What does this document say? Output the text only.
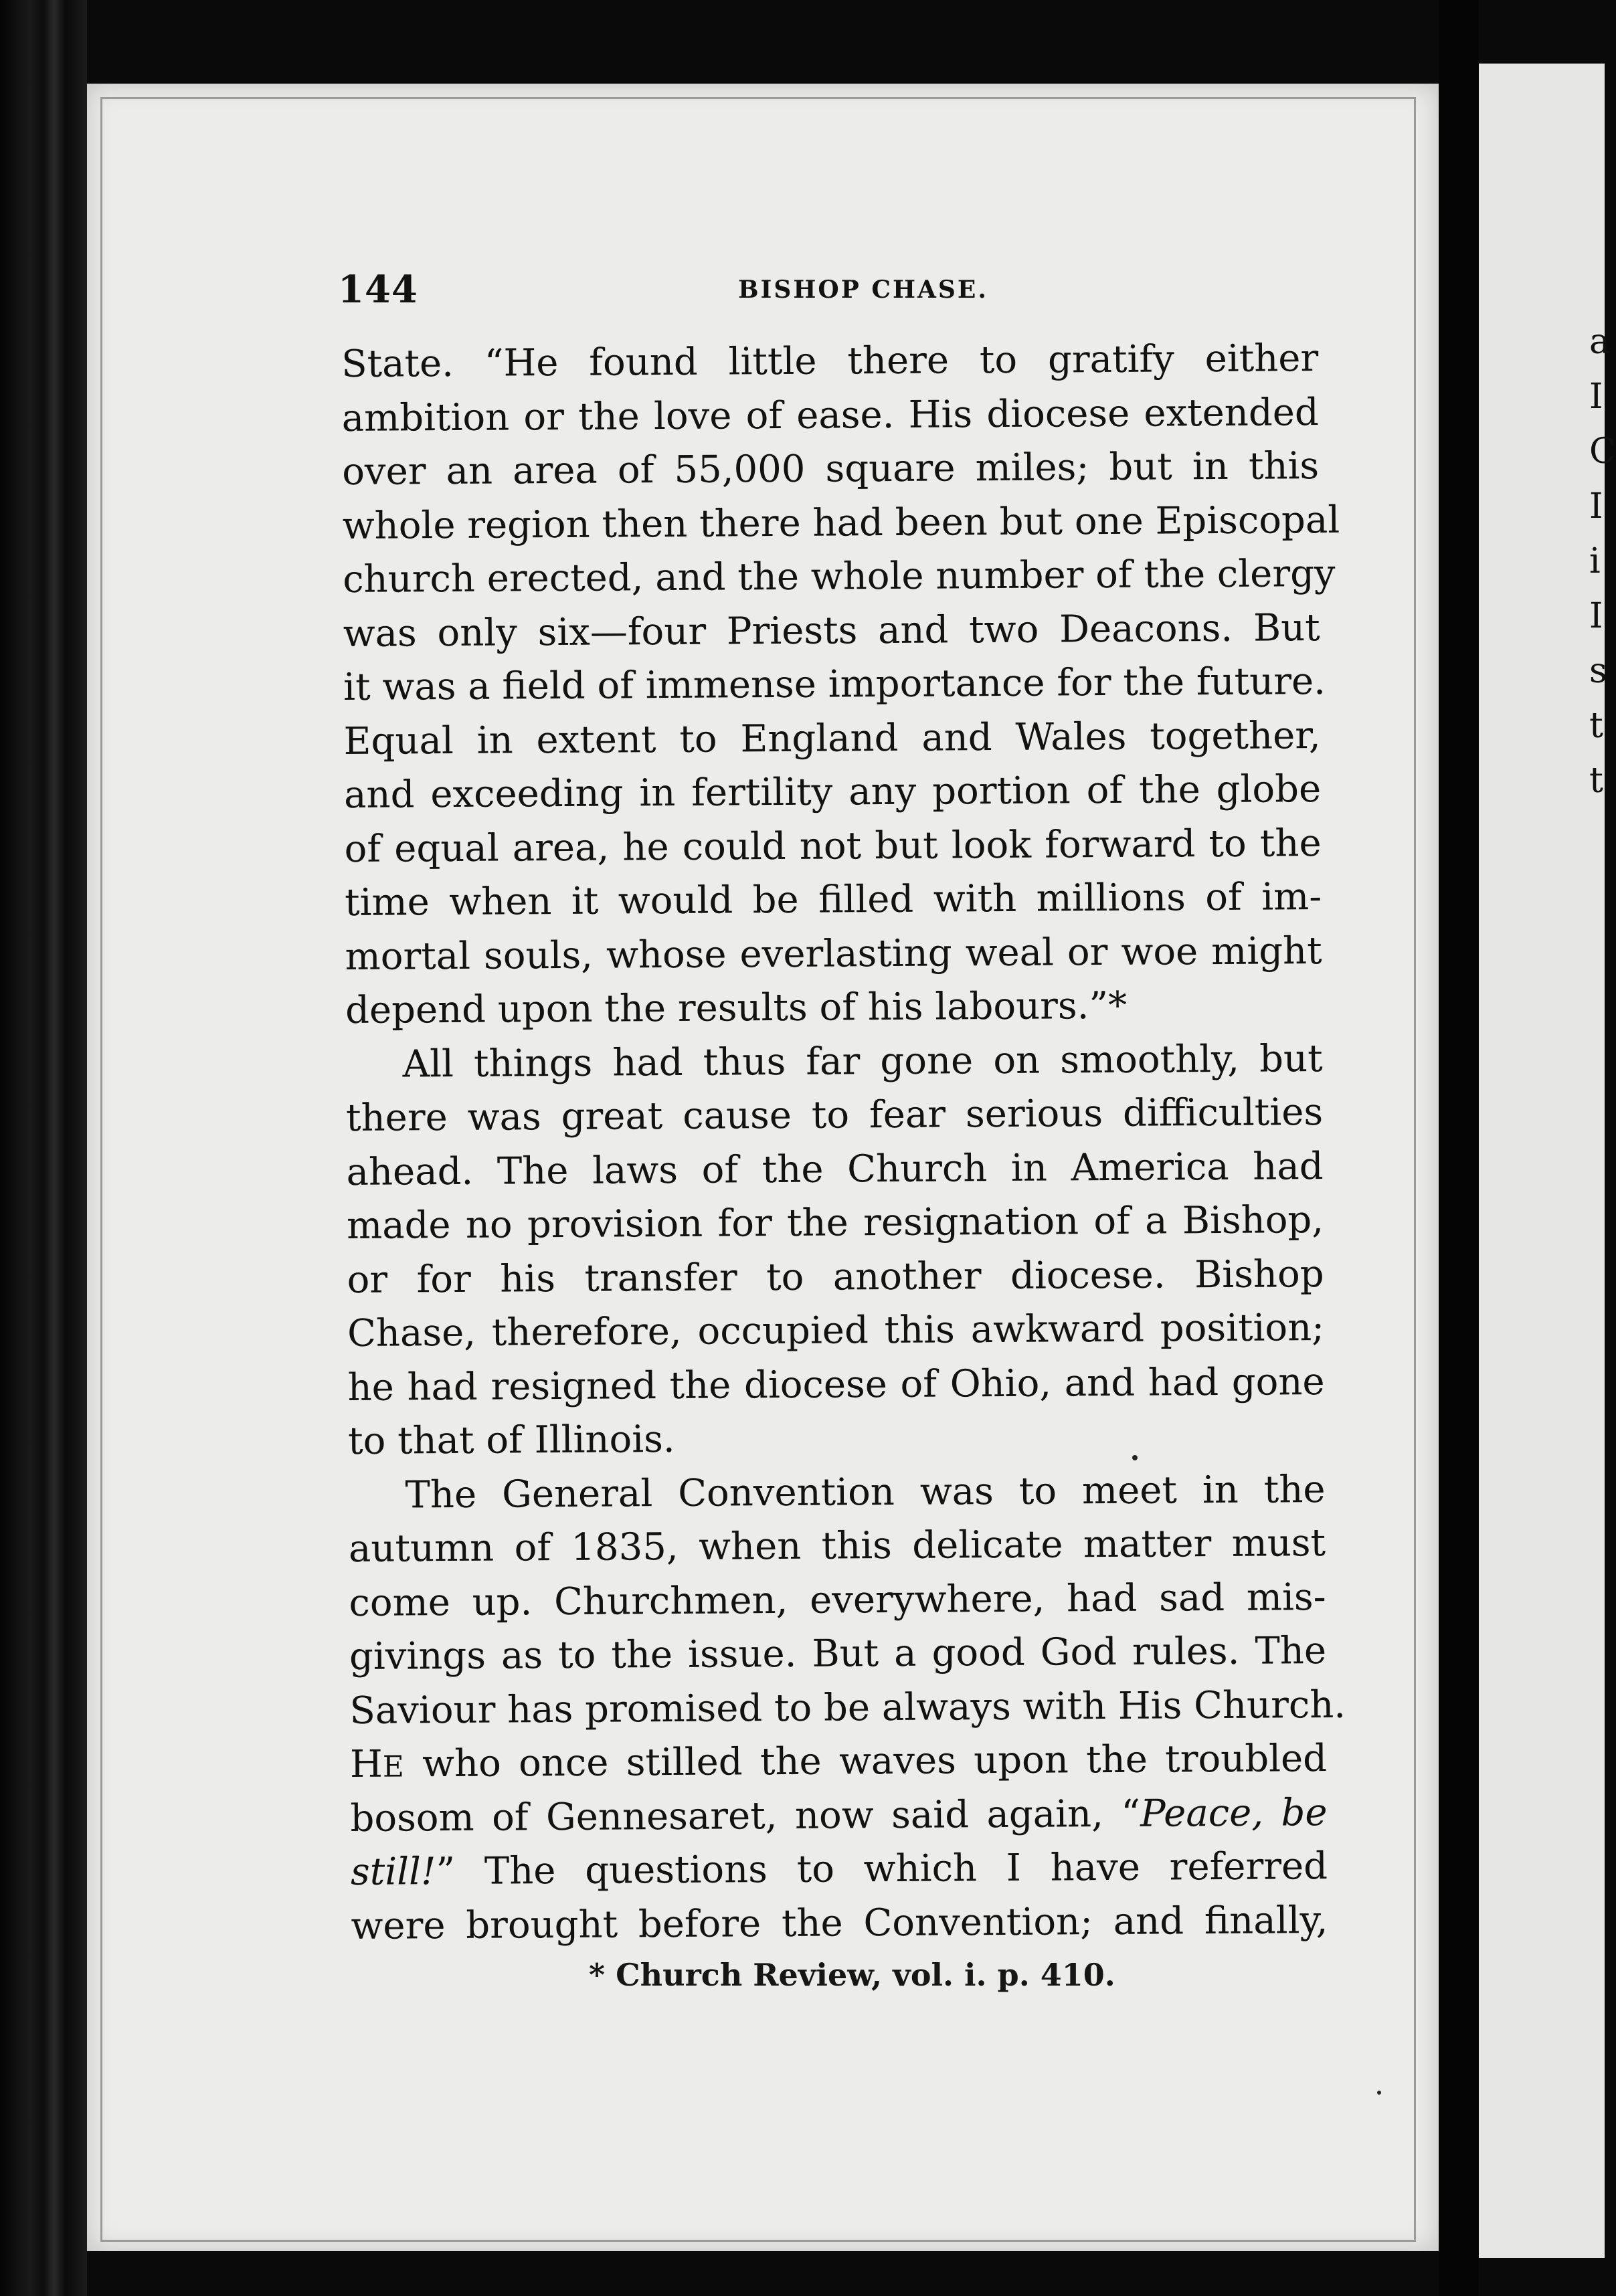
a
I
C
I
i
I
s
t
t

144	BISHOP CHASE.
State. “He found little there to gratify either
ambition or the love of ease. His diocese extended
over an area of 55,000 square miles; but in this
whole region then there had been but one Episcopal
church erected, and the whole number of the clergy
was only six—four Priests and two Deacons. But
it was a field of immense importance for the future.
Equal in extent to England and Wales together,
and exceeding in fertility any portion of the globe
of equal area, he could not but look forward to the
time when it would be filled with millions of im-
mortal souls, whose everlasting weal or woe might
depend upon the results of his labours.”*
All things had thus far gone on smoothly, but
there was great cause to fear serious difficulties
ahead. The laws of the Church in America had
made no provision for the resignation of a Bishop,
or for his transfer to another diocese. Bishop
Chase, therefore, occupied this awkward position;
he had resigned the diocese of Ohio, and had gone
to that of Illinois.
The General Convention was to meet in the
autumn of 1835, when this delicate matter must
come up. Churchmen, everywhere, had sad mis-
givings as to the issue. But a good God rules. The
Saviour has promised to be always with His Church.
HE who once stilled the waves upon the troubled
bosom of Gennesaret, now said again, “Peace, be
still!” The questions to which I have referred
were brought before the Convention; and finally,
* Church Review, vol. i. p. 410.
